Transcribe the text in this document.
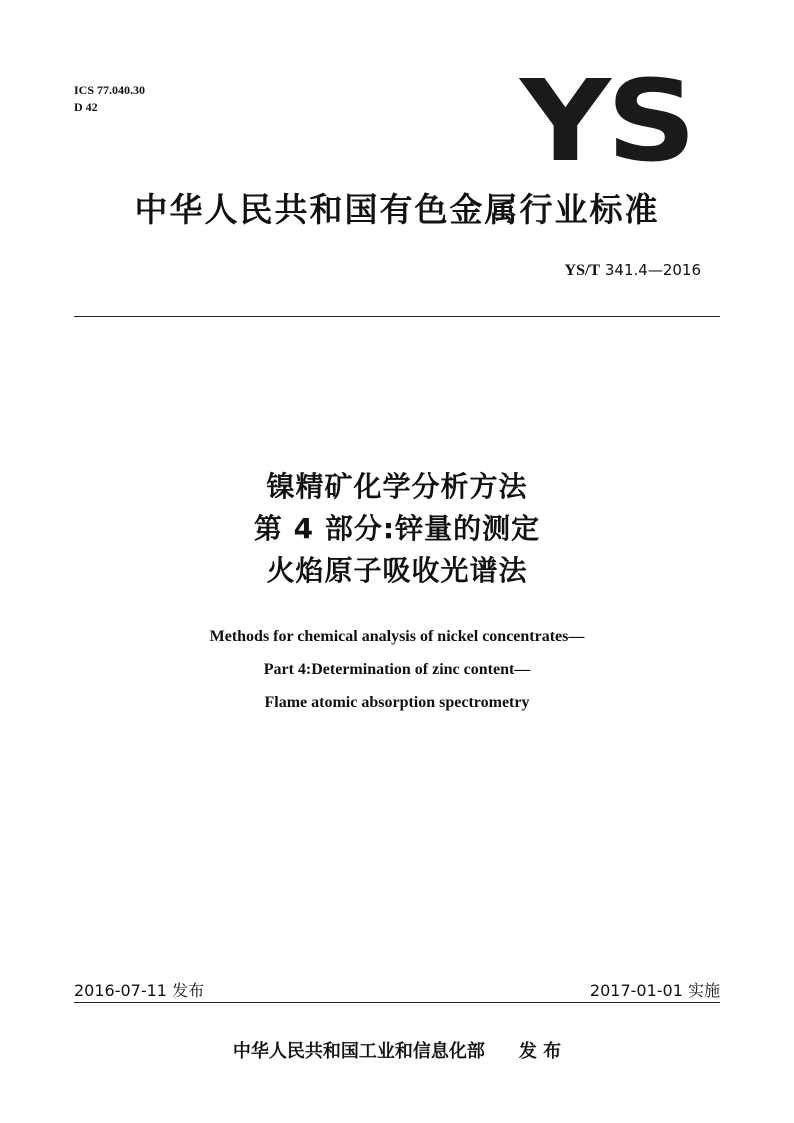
ICS 77.040.30
D 42	YS
中华人民共和国有色金属行业标准
YS/T 341.4—2016
镍精矿化学分析方法
第 4 部分:锌量的测定
火焰原子吸收光谱法
Methods for chemical analysis of nickel concentrates—
Part 4:Determination of zinc content—
Flame atomic absorption spectrometry
2016-07-11 发布	2017-01-01 实施
中华人民共和国工业和信息化部 发 布
